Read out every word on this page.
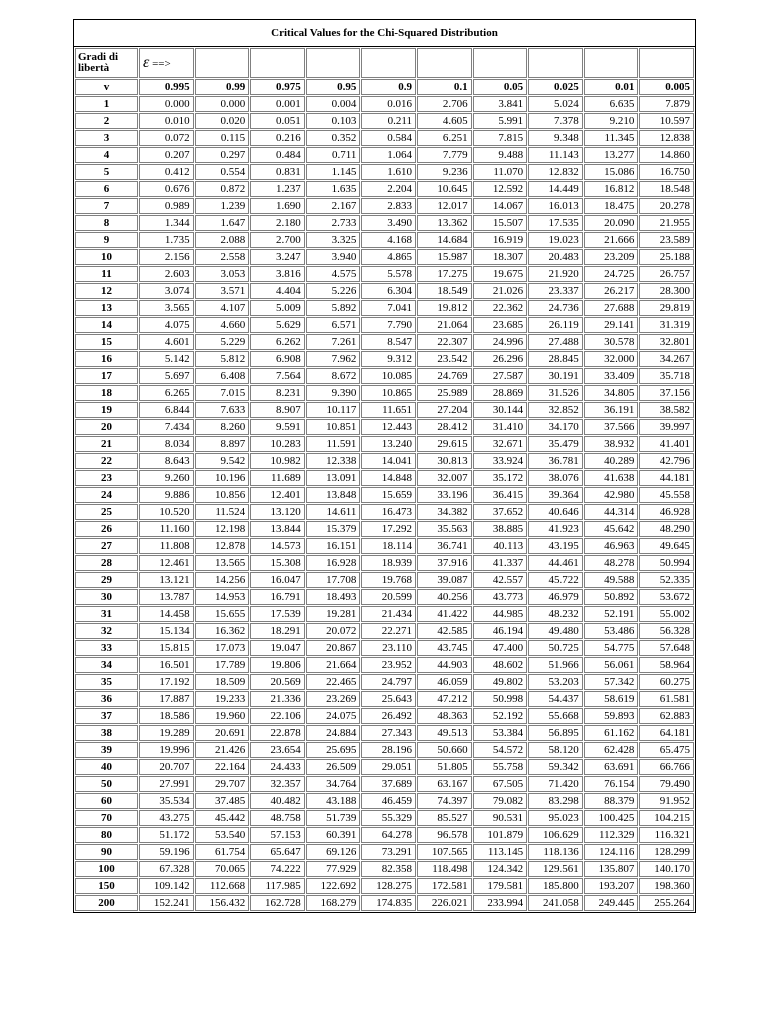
Critical Values for the Chi-Squared Distribution
Gradi di libertà	ε ==>									
v	0.995	0.99	0.975	0.95	0.9	0.1	0.05	0.025	0.01	0.005
1	0.000	0.000	0.001	0.004	0.016	2.706	3.841	5.024	6.635	7.879
2	0.010	0.020	0.051	0.103	0.211	4.605	5.991	7.378	9.210	10.597
3	0.072	0.115	0.216	0.352	0.584	6.251	7.815	9.348	11.345	12.838
4	0.207	0.297	0.484	0.711	1.064	7.779	9.488	11.143	13.277	14.860
5	0.412	0.554	0.831	1.145	1.610	9.236	11.070	12.832	15.086	16.750
6	0.676	0.872	1.237	1.635	2.204	10.645	12.592	14.449	16.812	18.548
7	0.989	1.239	1.690	2.167	2.833	12.017	14.067	16.013	18.475	20.278
8	1.344	1.647	2.180	2.733	3.490	13.362	15.507	17.535	20.090	21.955
9	1.735	2.088	2.700	3.325	4.168	14.684	16.919	19.023	21.666	23.589
10	2.156	2.558	3.247	3.940	4.865	15.987	18.307	20.483	23.209	25.188
11	2.603	3.053	3.816	4.575	5.578	17.275	19.675	21.920	24.725	26.757
12	3.074	3.571	4.404	5.226	6.304	18.549	21.026	23.337	26.217	28.300
13	3.565	4.107	5.009	5.892	7.041	19.812	22.362	24.736	27.688	29.819
14	4.075	4.660	5.629	6.571	7.790	21.064	23.685	26.119	29.141	31.319
15	4.601	5.229	6.262	7.261	8.547	22.307	24.996	27.488	30.578	32.801
16	5.142	5.812	6.908	7.962	9.312	23.542	26.296	28.845	32.000	34.267
17	5.697	6.408	7.564	8.672	10.085	24.769	27.587	30.191	33.409	35.718
18	6.265	7.015	8.231	9.390	10.865	25.989	28.869	31.526	34.805	37.156
19	6.844	7.633	8.907	10.117	11.651	27.204	30.144	32.852	36.191	38.582
20	7.434	8.260	9.591	10.851	12.443	28.412	31.410	34.170	37.566	39.997
21	8.034	8.897	10.283	11.591	13.240	29.615	32.671	35.479	38.932	41.401
22	8.643	9.542	10.982	12.338	14.041	30.813	33.924	36.781	40.289	42.796
23	9.260	10.196	11.689	13.091	14.848	32.007	35.172	38.076	41.638	44.181
24	9.886	10.856	12.401	13.848	15.659	33.196	36.415	39.364	42.980	45.558
25	10.520	11.524	13.120	14.611	16.473	34.382	37.652	40.646	44.314	46.928
26	11.160	12.198	13.844	15.379	17.292	35.563	38.885	41.923	45.642	48.290
27	11.808	12.878	14.573	16.151	18.114	36.741	40.113	43.195	46.963	49.645
28	12.461	13.565	15.308	16.928	18.939	37.916	41.337	44.461	48.278	50.994
29	13.121	14.256	16.047	17.708	19.768	39.087	42.557	45.722	49.588	52.335
30	13.787	14.953	16.791	18.493	20.599	40.256	43.773	46.979	50.892	53.672
31	14.458	15.655	17.539	19.281	21.434	41.422	44.985	48.232	52.191	55.002
32	15.134	16.362	18.291	20.072	22.271	42.585	46.194	49.480	53.486	56.328
33	15.815	17.073	19.047	20.867	23.110	43.745	47.400	50.725	54.775	57.648
34	16.501	17.789	19.806	21.664	23.952	44.903	48.602	51.966	56.061	58.964
35	17.192	18.509	20.569	22.465	24.797	46.059	49.802	53.203	57.342	60.275
36	17.887	19.233	21.336	23.269	25.643	47.212	50.998	54.437	58.619	61.581
37	18.586	19.960	22.106	24.075	26.492	48.363	52.192	55.668	59.893	62.883
38	19.289	20.691	22.878	24.884	27.343	49.513	53.384	56.895	61.162	64.181
39	19.996	21.426	23.654	25.695	28.196	50.660	54.572	58.120	62.428	65.475
40	20.707	22.164	24.433	26.509	29.051	51.805	55.758	59.342	63.691	66.766
50	27.991	29.707	32.357	34.764	37.689	63.167	67.505	71.420	76.154	79.490
60	35.534	37.485	40.482	43.188	46.459	74.397	79.082	83.298	88.379	91.952
70	43.275	45.442	48.758	51.739	55.329	85.527	90.531	95.023	100.425	104.215
80	51.172	53.540	57.153	60.391	64.278	96.578	101.879	106.629	112.329	116.321
90	59.196	61.754	65.647	69.126	73.291	107.565	113.145	118.136	124.116	128.299
100	67.328	70.065	74.222	77.929	82.358	118.498	124.342	129.561	135.807	140.170
150	109.142	112.668	117.985	122.692	128.275	172.581	179.581	185.800	193.207	198.360
200	152.241	156.432	162.728	168.279	174.835	226.021	233.994	241.058	249.445	255.264
